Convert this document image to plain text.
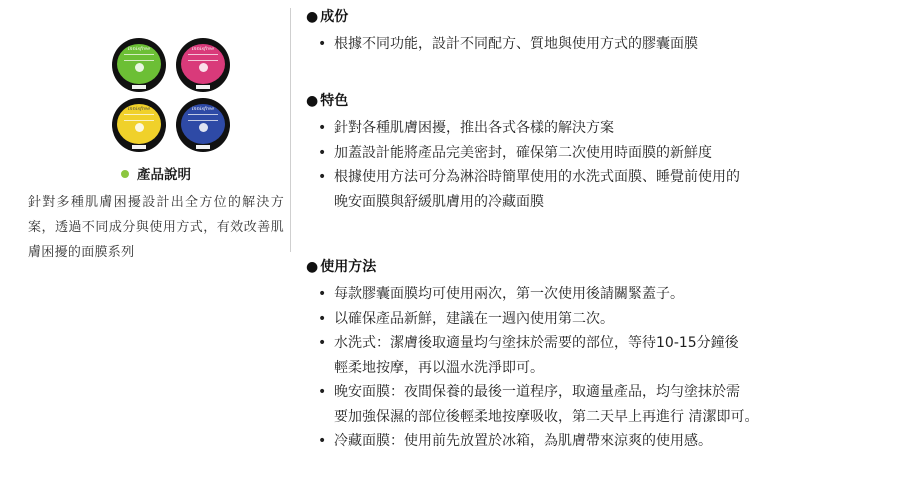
innisfree	innisfree
innisfree	innisfree
產品說明
針對多種肌膚困擾設計出全方位的解決方案，透過不同成分與使用方式，有效改善肌膚困擾的面膜系列
● 成份
• 根據不同功能，設計不同配方、質地與使用方式的膠囊面膜
● 特色
• 針對各種肌膚困擾，推出各式各樣的解決方案
• 加蓋設計能將產品完美密封，確保第二次使用時面膜的新鮮度
• 根據使用方法可分為淋浴時簡單使用的水洗式面膜、睡覺前使用的
晚安面膜與舒緩肌膚用的冷藏面膜
● 使用方法
• 每款膠囊面膜均可使用兩次，第一次使用後請關緊蓋子。
• 以確保產品新鮮，建議在一週內使用第二次。
• 水洗式：潔膚後取適量均勻塗抹於需要的部位，等待10-15分鐘後
輕柔地按摩，再以溫水洗淨即可。
• 晚安面膜：夜間保養的最後一道程序，取適量產品，均勻塗抹於需
要加強保濕的部位後輕柔地按摩吸收，第二天早上再進行 清潔即可。
• 冷藏面膜：使用前先放置於冰箱，為肌膚帶來涼爽的使用感。
